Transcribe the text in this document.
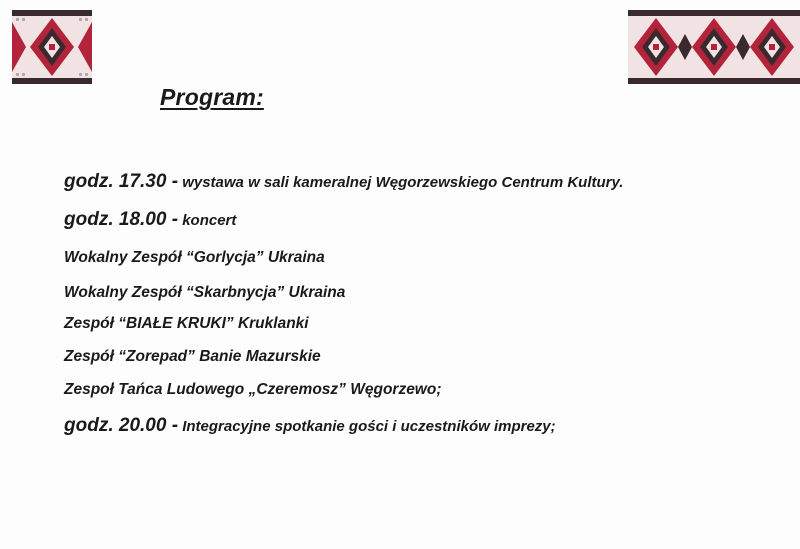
Program:
godz. 17.30 - wystawa w sali kameralnej Węgorzewskiego Centrum Kultury.
godz. 18.00 - koncert
Wokalny Zespół “Gorlycja” Ukraina
Wokalny Zespół “Skarbnycja” Ukraina
Zespół “BIAŁE KRUKI” Kruklanki
Zespół “Zorepad” Banie Mazurskie
Zespoł Tańca Ludowego „Czeremosz” Węgorzewo;
godz. 20.00 - Integracyjne spotkanie gości i uczestników imprezy;
